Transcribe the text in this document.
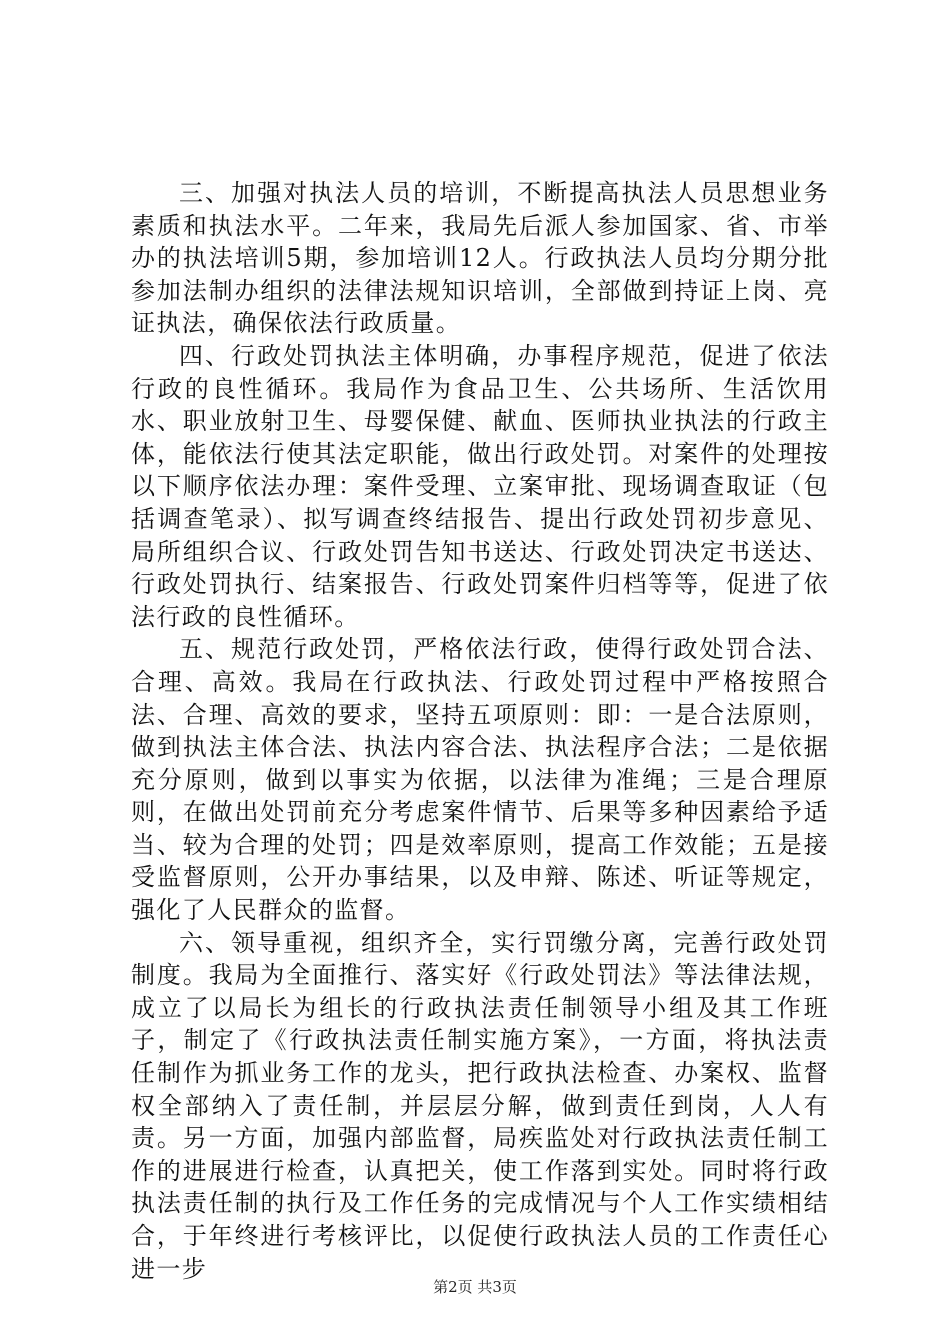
三、加强对执法人员的培训，不断提高执法人员思想业务素质和执法水平。二年来，我局先后派人参加国家、省、市举办的执法培训5期，参加培训12人。行政执法人员均分期分批参加法制办组织的法律法规知识培训，全部做到持证上岗、亮证执法，确保依法行政质量。

四、行政处罚执法主体明确，办事程序规范，促进了依法行政的良性循环。我局作为食品卫生、公共场所、生活饮用水、职业放射卫生、母婴保健、献血、医师执业执法的行政主体，能依法行使其法定职能，做出行政处罚。对案件的处理按以下顺序依法办理：案件受理、立案审批、现场调查取证（包括调查笔录）、拟写调查终结报告、提出行政处罚初步意见、局所组织合议、行政处罚告知书送达、行政处罚决定书送达、行政处罚执行、结案报告、行政处罚案件归档等等，促进了依法行政的良性循环。

五、规范行政处罚，严格依法行政，使得行政处罚合法、合理、高效。我局在行政执法、行政处罚过程中严格按照合法、合理、高效的要求，坚持五项原则：即：一是合法原则，做到执法主体合法、执法内容合法、执法程序合法；二是依据充分原则，做到以事实为依据，以法律为准绳；三是合理原则，在做出处罚前充分考虑案件情节、后果等多种因素给予适当、较为合理的处罚；四是效率原则，提高工作效能；五是接受监督原则，公开办事结果，以及申辩、陈述、听证等规定，强化了人民群众的监督。

六、领导重视，组织齐全，实行罚缴分离，完善行政处罚制度。我局为全面推行、落实好《行政处罚法》等法律法规，成立了以局长为组长的行政执法责任制领导小组及其工作班子，制定了《行政执法责任制实施方案》，一方面，将执法责任制作为抓业务工作的龙头，把行政执法检查、办案权、监督权全部纳入了责任制，并层层分解，做到责任到岗，人人有责。另一方面，加强内部监督，局疾监处对行政执法责任制工作的进展进行检查，认真把关，使工作落到实处。同时将行政执法责任制的执行及工作任务的完成情况与个人工作实绩相结合，于年终进行考核评比，以促使行政执法人员的工作责任心进一步

第2页 共3页
